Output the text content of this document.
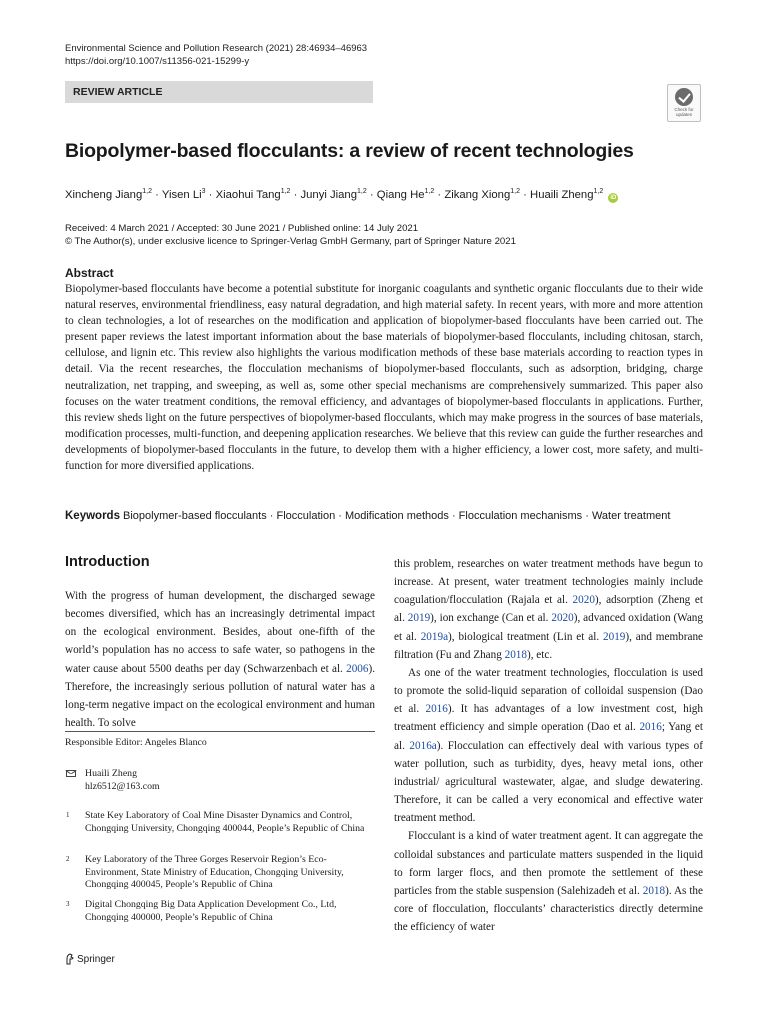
Environmental Science and Pollution Research (2021) 28:46934–46963
https://doi.org/10.1007/s11356-021-15299-y
REVIEW ARTICLE
Check for
updates
Biopolymer-based flocculants: a review of recent technologies
Xincheng Jiang$^{1,2}$ · Yisen $Li^3$ · Xiaohui Tang$^{1,2}$ · Junyi Jiang$^{1,2}$ · Qiang He$^{1,2}$ · Zikang Xiong$^{1,2}$ · Huaili Zheng$^{1,2}$ iD
Received: 4 March 2021 / Accepted: 30 June 2021 / Published online: 14 July 2021
© The Author(s), under exclusive licence to Springer-Verlag GmbH Germany, part of Springer Nature 2021
Abstract
Biopolymer-based flocculants have become a potential substitute for inorganic coagulants and synthetic organic flocculants due to their wide natural reserves, environmental friendliness, easy natural degradation, and high material safety. In recent years, with more and more attention to clean technologies, a lot of researches on the modification and application of biopolymer-based flocculants have been carried out. The present paper reviews the latest important information about the base materials of biopolymer-based flocculants, including chitosan, starch, cellulose, and lignin etc. This review also highlights the various modification methods of these base materials according to reaction types in detail. Via the recent researches, the flocculation mechanisms of biopolymer-based flocculants, such as adsorption, bridging, charge neutralization, net trapping, and sweeping, as well as, some other special mechanisms are comprehensively summarized. This paper also focuses on the water treatment conditions, the removal efficiency, and advantages of biopolymer-based flocculants in applications. Further, this review sheds light on the future perspectives of biopolymer-based flocculants, which may make progress in the sources of base materials, modification processes, multi-function, and deepening application researches. We believe that this review can guide the further researches and developments of biopolymer-based flocculants in the future, to develop them with a higher efficiency, a lower cost, more safety, and multi-function for more diversified applications.
Keywords Biopolymer-based flocculants · Flocculation · Modification methods · Flocculation mechanisms · Water treatment
Introduction

With the progress of human development, the discharged sewage becomes diversified, which has an increasingly detrimental impact on the ecological environment. Besides, about one-fifth of the world’s population has no access to safe water, so pathogens in the water cause about 5500 deaths per day (Schwarzenbach et al. 2006). Therefore, the increasingly serious pollution of natural water has a long-term negative impact on the ecological environment and human health. To solve

this problem, researches on water treatment methods have begun to increase. At present, water treatment technologies mainly include coagulation/flocculation (Rajala et al. 2020), adsorption (Zheng et al. 2019), ion exchange (Can et al. 2020), advanced oxidation (Wang et al. 2019a), biological treatment (Lin et al. 2019), and membrane filtration (Fu and Zhang 2018), etc.

As one of the water treatment technologies, flocculation is used to promote the solid-liquid separation of colloidal suspension (Dao et al. 2016). It has advantages of a low investment cost, high treatment efficiency and simple operation (Dao et al. 2016; Yang et al. 2016a). Flocculation can effectively deal with various types of water pollution, such as turbidity, dyes, heavy metal ions, other industrial/ agricultural wastewater, algae, and sludge dewatering. Therefore, it can be called a very economical and effective water treatment method.

Flocculant is a kind of water treatment agent. It can aggregate the colloidal substances and particulate matters suspended in the liquid to form larger flocs, and then promote the settlement of these particles from the stable suspension (Salehizadeh et al. 2018). As the core of flocculation, flocculants’ characteristics directly determine the efficiency of water

Responsible Editor: Angeles Blanco
Huaili Zheng
hlz6512@163.com
1 State Key Laboratory of Coal Mine Disaster Dynamics and Control, Chongqing University, Chongqing 400044, People’s Republic of China
2 Key Laboratory of the Three Gorges Reservoir Region’s Eco-Environment, State Ministry of Education, Chongqing University, Chongqing 400045, People’s Republic of China
3 Digital Chongqing Big Data Application Development Co., Ltd, Chongqing 400000, People’s Republic of China
Springer
